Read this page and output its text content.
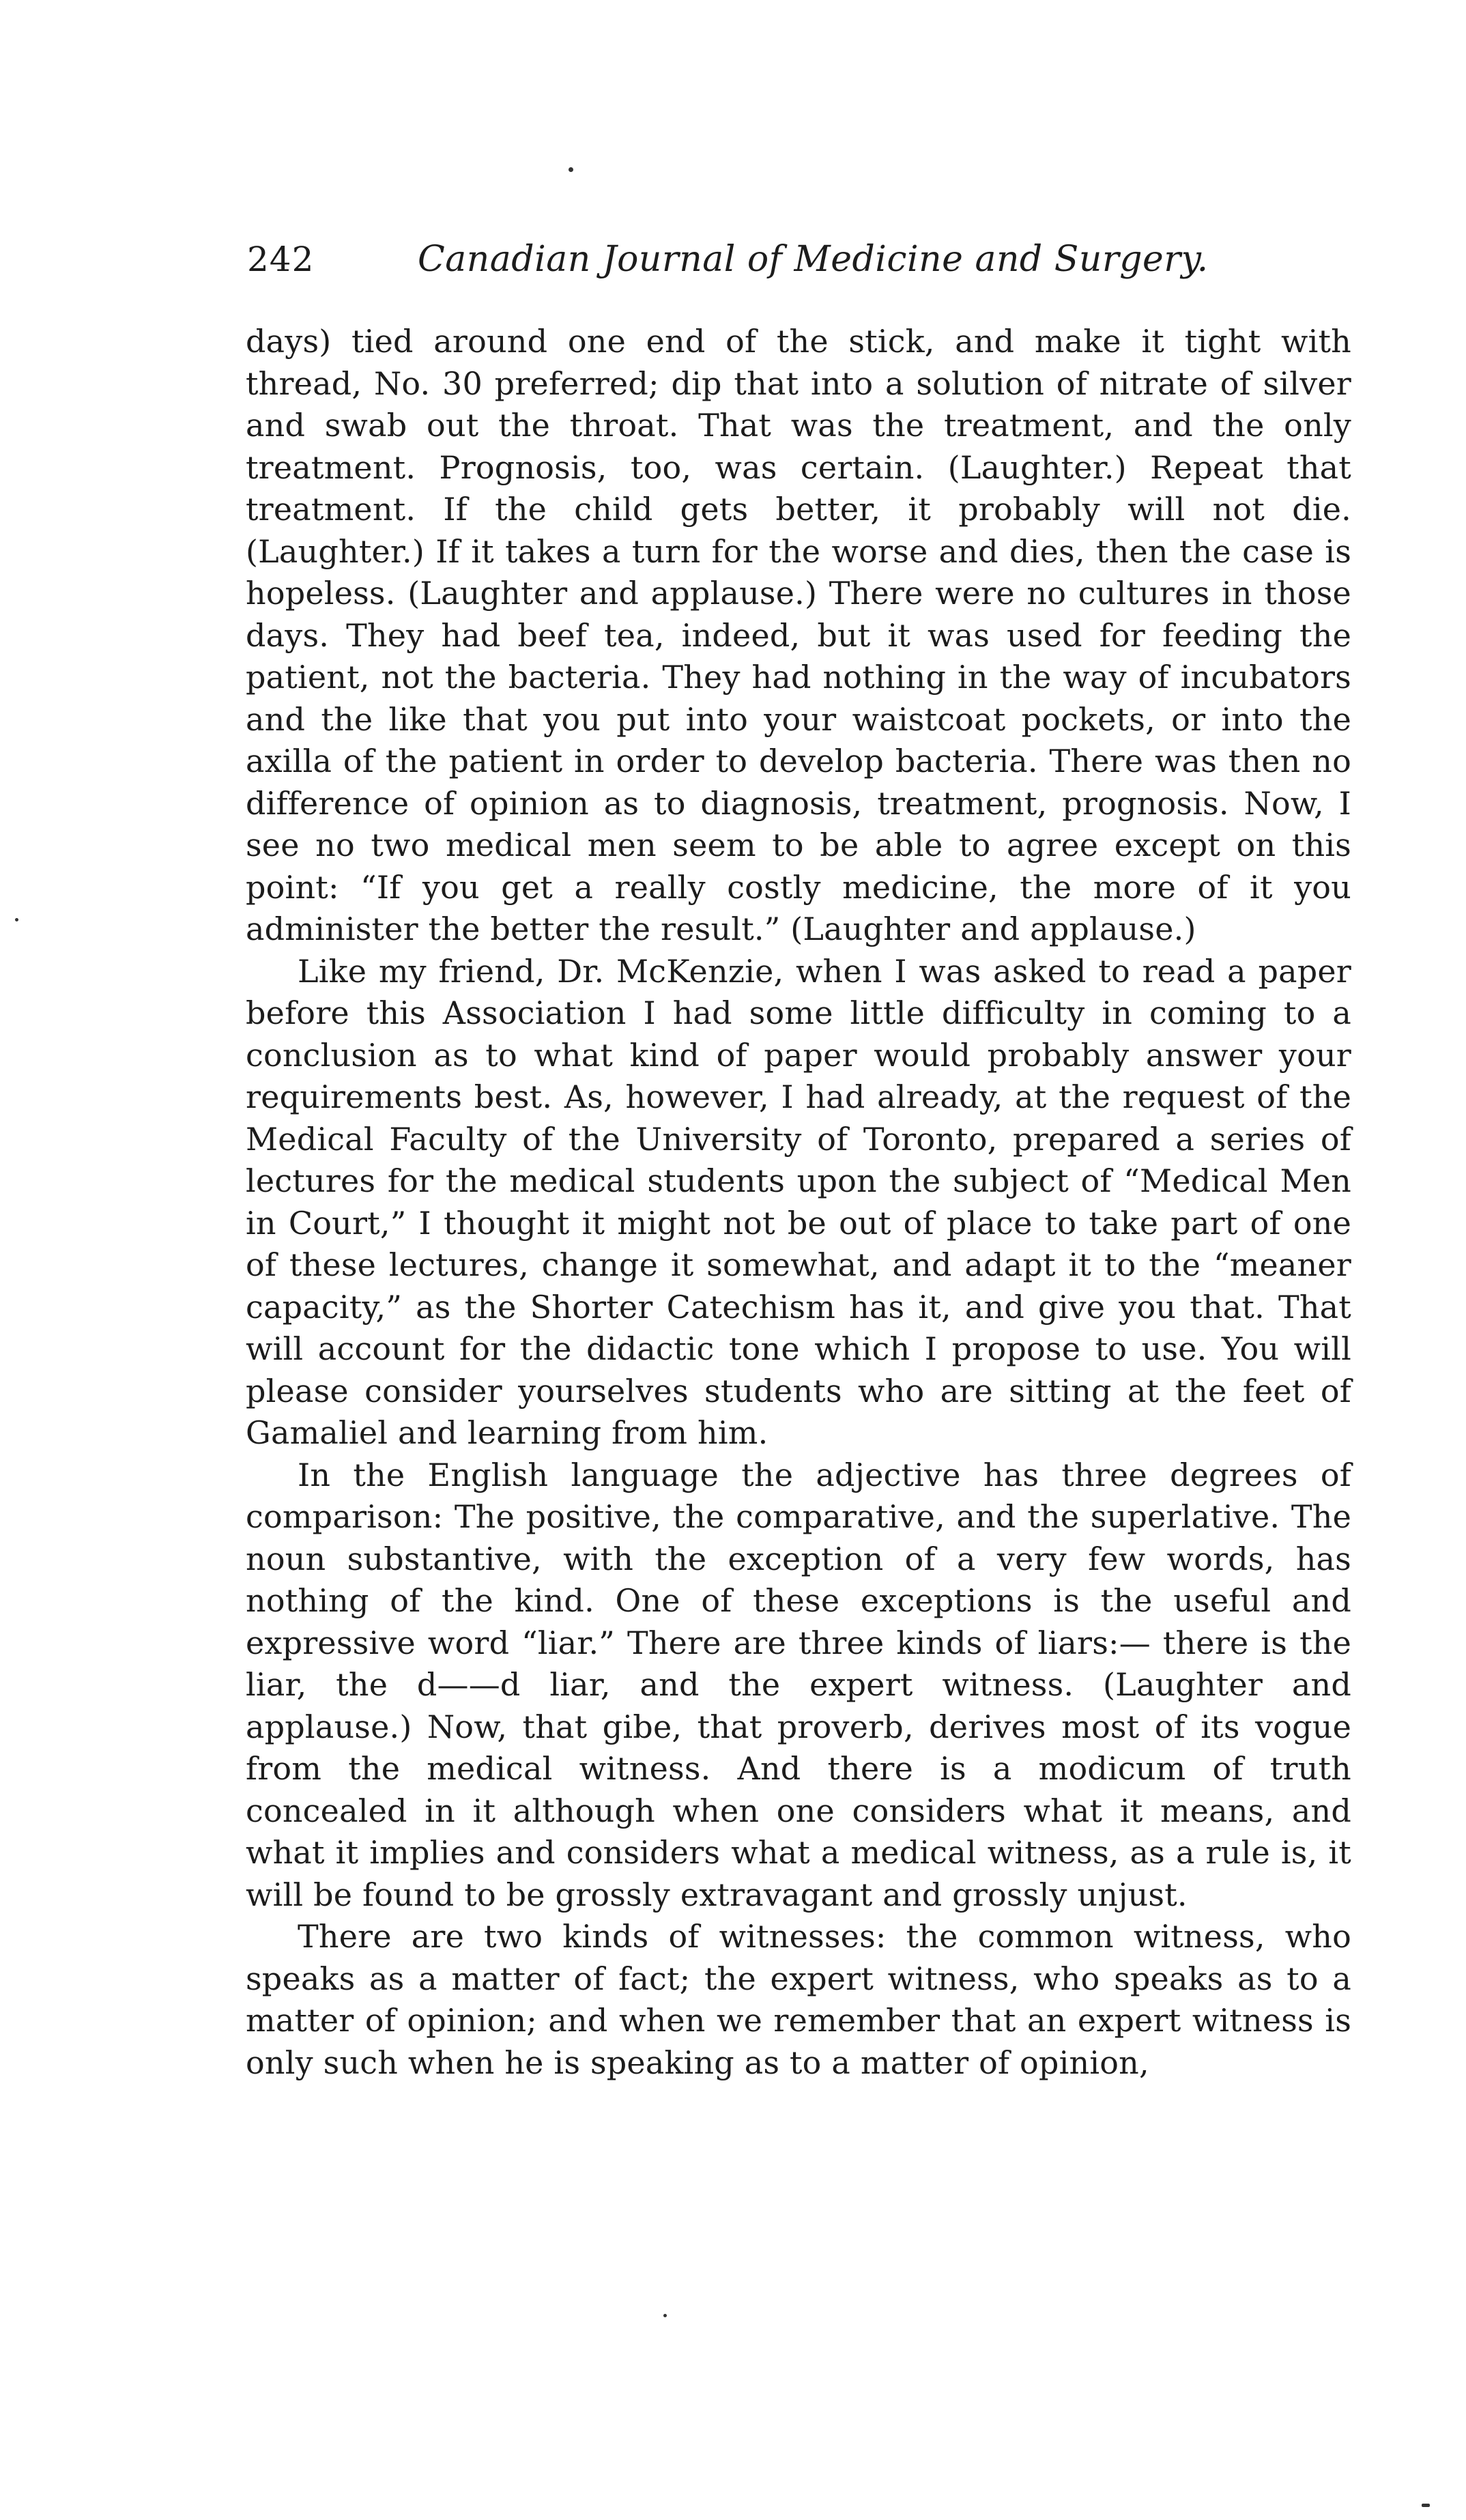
242	Canadian Journal of Medicine and Surgery.

days) tied around one end of the stick, and make it tight with thread, No. 30 preferred; dip that into a solution of nitrate of silver and swab out the throat. That was the treatment, and the only treatment. Prognosis, too, was certain. (Laughter.) Repeat that treatment. If the child gets better, it probably will not die. (Laughter.) If it takes a turn for the worse and dies, then the case is hopeless. (Laughter and applause.) There were no cultures in those days. They had beef tea, indeed, but it was used for feeding the patient, not the bacteria. They had nothing in the way of incubators and the like that you put into your waistcoat pockets, or into the axilla of the patient in order to develop bacteria. There was then no difference of opinion as to diagnosis, treatment, prognosis. Now, I see no two medical men seem to be able to agree except on this point: “If you get a really costly medicine, the more of it you administer the better the result.” (Laughter and applause.)

Like my friend, Dr. McKenzie, when I was asked to read a paper before this Association I had some little difficulty in coming to a conclusion as to what kind of paper would probably answer your requirements best. As, however, I had already, at the request of the Medical Faculty of the University of Toronto, prepared a series of lectures for the medical students upon the subject of “Medical Men in Court,” I thought it might not be out of place to take part of one of these lectures, change it somewhat, and adapt it to the “meaner capacity,” as the Shorter Catechism has it, and give you that. That will account for the didactic tone which I propose to use. You will please consider yourselves students who are sitting at the feet of Gamaliel and learning from him.

In the English language the adjective has three degrees of comparison: The positive, the comparative, and the superlative. The noun substantive, with the exception of a very few words, has nothing of the kind. One of these exceptions is the useful and expressive word “liar.” There are three kinds of liars:— there is the liar, the d——d liar, and the expert witness. (Laughter and applause.) Now, that gibe, that proverb, derives most of its vogue from the medical witness. And there is a modicum of truth concealed in it although when one considers what it means, and what it implies and considers what a medical witness, as a rule is, it will be found to be grossly extravagant and grossly unjust.

There are two kinds of witnesses: the common witness, who speaks as a matter of fact; the expert witness, who speaks as to a matter of opinion; and when we remember that an expert witness is only such when he is speaking as to a matter of opinion,
